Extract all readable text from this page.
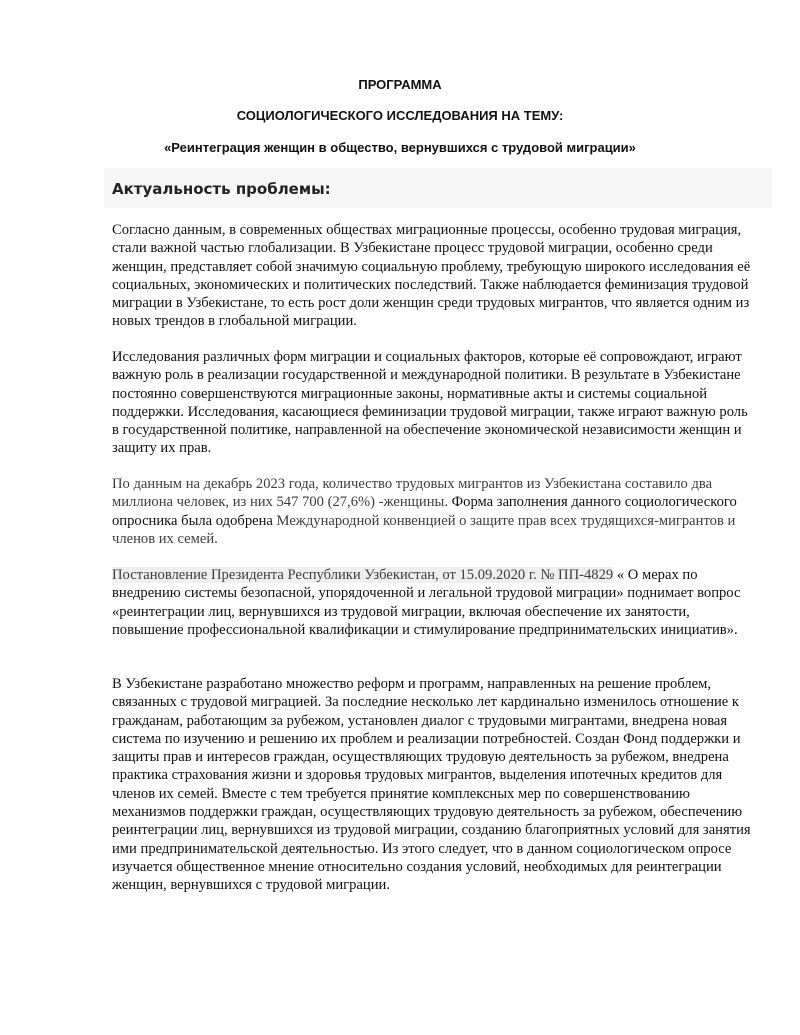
ПРОГРАММА

СОЦИОЛОГИЧЕСКОГО ИССЛЕДОВАНИЯ НА ТЕМУ:

«Реинтеграция женщин в общество, вернувшихся с трудовой миграции»

Актуальность проблемы:

Согласно данным, в современных обществах миграционные процессы, особенно трудовая миграция, стали важной частью глобализации. В Узбекистане процесс трудовой миграции, особенно среди женщин, представляет собой значимую социальную проблему, требующую широкого исследования её социальных, экономических и политических последствий. Также наблюдается феминизация трудовой миграции в Узбекистане, то есть рост доли женщин среди трудовых мигрантов, что является одним из новых трендов в глобальной миграции.

Исследования различных форм миграции и социальных факторов, которые её сопровождают, играют важную роль в реализации государственной и международной политики. В результате в Узбекистане постоянно совершенствуются миграционные законы, нормативные акты и системы социальной поддержки. Исследования, касающиеся феминизации трудовой миграции, также играют важную роль в государственной политике, направленной на обеспечение экономической независимости женщин и защиту их прав.

По данным на декабрь 2023 года, количество трудовых мигрантов из Узбекистана составило два миллиона человек, из них 547 700 (27,6%) -женщины. Форма заполнения данного социологического опросника была одобрена Международной конвенцией о защите прав всех трудящихся-мигрантов и членов их семей.

Постановление Президента Республики Узбекистан, от 15.09.2020 г. № ПП-4829 « О мерах по внедрению системы безопасной, упорядоченной и легальной трудовой миграции» поднимает вопрос «реинтеграции лиц, вернувшихся из трудовой миграции, включая обеспечение их занятости, повышение профессиональной квалификации и стимулирование предпринимательских инициатив».

В Узбекистане разработано множество реформ и программ, направленных на решение проблем, связанных с трудовой миграцией. За последние несколько лет кардинально изменилось отношение к гражданам, работающим за рубежом, установлен диалог с трудовыми мигрантами, внедрена новая система по изучению и решению их проблем и реализации потребностей. Создан Фонд поддержки и защиты прав и интересов граждан, осуществляющих трудовую деятельность за рубежом, внедрена практика страхования жизни и здоровья трудовых мигрантов, выделения ипотечных кредитов для членов их семей. Вместе с тем требуется принятие комплексных мер по совершенствованию механизмов поддержки граждан, осуществляющих трудовую деятельность за рубежом, обеспечению реинтеграции лиц, вернувшихся из трудовой миграции, созданию благоприятных условий для занятия ими предпринимательской деятельностью. Из этого следует, что в данном социологическом опросе изучается общественное мнение относительно создания условий, необходимых для реинтеграции женщин, вернувшихся с трудовой миграции.
